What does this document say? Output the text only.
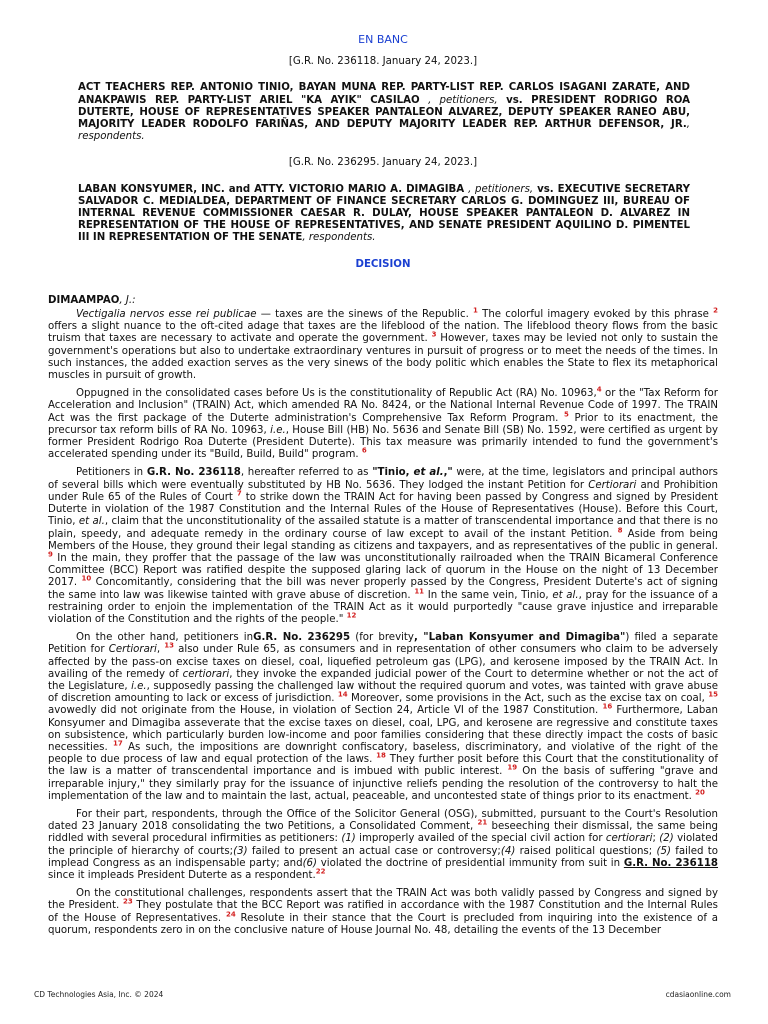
EN BANC
[G.R. No. 236118. January 24, 2023.]
ACT TEACHERS REP. ANTONIO TINIO, BAYAN MUNA REP. PARTY-LIST REP. CARLOS ISAGANI ZARATE, AND ANAKPAWIS REP. PARTY-LIST ARIEL "KA AYIK" CASILAO , petitioners, vs. PRESIDENT RODRIGO ROA DUTERTE, HOUSE OF REPRESENTATIVES SPEAKER PANTALEON ALVAREZ, DEPUTY SPEAKER RANEO ABU, MAJORITY LEADER RODOLFO FARIÑAS, AND DEPUTY MAJORITY LEADER REP. ARTHUR DEFENSOR, JR., respondents.
[G.R. No. 236295. January 24, 2023.]
LABAN KONSYUMER, INC. and ATTY. VICTORIO MARIO A. DIMAGIBA , petitioners, vs. EXECUTIVE SECRETARY SALVADOR C. MEDIALDEA, DEPARTMENT OF FINANCE SECRETARY CARLOS G. DOMINGUEZ III, BUREAU OF INTERNAL REVENUE COMMISSIONER CAESAR R. DULAY, HOUSE SPEAKER PANTALEON D. ALVAREZ IN REPRESENTATION OF THE HOUSE OF REPRESENTATIVES, AND SENATE PRESIDENT AQUILINO D. PIMENTEL III IN REPRESENTATION OF THE SENATE, respondents.
DECISION
DIMAAMPAO, J.:

Vectigalia nervos esse rei publicae — taxes are the sinews of the Republic. $^1$ The colorful imagery evoked by this phrase $^2$ offers a slight nuance to the oft-cited adage that taxes are the lifeblood of the nation. The lifeblood theory flows from the basic truism that taxes are necessary to activate and operate the government. $^3$ However, taxes may be levied not only to sustain the government's operations but also to undertake extraordinary ventures in pursuit of progress or to meet the needs of the times. In such instances, the added exaction serves as the very sinews of the body politic which enables the State to flex its metaphorical muscles in pursuit of growth.

Oppugned in the consolidated cases before Us is the constitutionality of Republic Act (RA) No. 10963,$^4$ or the "Tax Reform for Acceleration and Inclusion" (TRAIN) Act, which amended RA No. 8424, or the National Internal Revenue Code of 1997. The TRAIN Act was the first package of the Duterte administration's Comprehensive Tax Reform Program. $^5$ Prior to its enactment, the precursor tax reform bills of RA No. 10963, i.e., House Bill (HB) No. 5636 and Senate Bill (SB) No. 1592, were certified as urgent by former President Rodrigo Roa Duterte (President Duterte). This tax measure was primarily intended to fund the government's accelerated spending under its "Build, Build, Build" program. $^6$

Petitioners in G.R. No. 236118, hereafter referred to as "Tinio, et al.," were, at the time, legislators and principal authors of several bills which were eventually substituted by HB No. 5636. They lodged the instant Petition for Certiorari and Prohibition under Rule 65 of the Rules of Court $^7$ to strike down the TRAIN Act for having been passed by Congress and signed by President Duterte in violation of the 1987 Constitution and the Internal Rules of the House of Representatives (House). Before this Court, Tinio, et al., claim that the unconstitutionality of the assailed statute is a matter of transcendental importance and that there is no plain, speedy, and adequate remedy in the ordinary course of law except to avail of the instant Petition. $^8$ Aside from being Members of the House, they ground their legal standing as citizens and taxpayers, and as representatives of the public in general. $^9$ In the main, they proffer that the passage of the law was unconstitutionally railroaded when the TRAIN Bicameral Conference Committee (BCC) Report was ratified despite the supposed glaring lack of quorum in the House on the night of 13 December 2017. $^{10}$ Concomitantly, considering that the bill was never properly passed by the Congress, President Duterte's act of signing the same into law was likewise tainted with grave abuse of discretion. $^{11}$ In the same vein, Tinio, et al., pray for the issuance of a restraining order to enjoin the implementation of the TRAIN Act as it would purportedly "cause grave injustice and irreparable violation of the Constitution and the rights of the people." $^{12}$

On the other hand, petitioners inG.R. No. 236295 (for brevity, "Laban Konsyumer and Dimagiba") filed a separate Petition for Certiorari, $^{13}$ also under Rule 65, as consumers and in representation of other consumers who claim to be adversely affected by the pass-on excise taxes on diesel, coal, liquefied petroleum gas (LPG), and kerosene imposed by the TRAIN Act. In availing of the remedy of certiorari, they invoke the expanded judicial power of the Court to determine whether or not the act of the Legislature, i.e., supposedly passing the challenged law without the required quorum and votes, was tainted with grave abuse of discretion amounting to lack or excess of jurisdiction. $^{14}$ Moreover, some provisions in the Act, such as the excise tax on coal, $^{15}$ avowedly did not originate from the House, in violation of Section 24, Article VI of the 1987 Constitution. $^{16}$ Furthermore, Laban Konsyumer and Dimagiba asseverate that the excise taxes on diesel, coal, LPG, and kerosene are regressive and constitute taxes on subsistence, which particularly burden low-income and poor families considering that these directly impact the costs of basic necessities. $^{17}$ As such, the impositions are downright confiscatory, baseless, discriminatory, and violative of the right of the people to due process of law and equal protection of the laws. $^{18}$ They further posit before this Court that the constitutionality of the law is a matter of transcendental importance and is imbued with public interest. $^{19}$ On the basis of suffering "grave and irreparable injury," they similarly pray for the issuance of injunctive reliefs pending the resolution of the controversy to halt the implementation of the law and to maintain the last, actual, peaceable, and uncontested state of things prior to its enactment. $^{20}$

For their part, respondents, through the Office of the Solicitor General (OSG), submitted, pursuant to the Court's Resolution dated 23 January 2018 consolidating the two Petitions, a Consolidated Comment, $^{21}$ beseeching their dismissal, the same being riddled with several procedural infirmities as petitioners: (1) improperly availed of the special civil action for certiorari; (2) violated the principle of hierarchy of courts;(3) failed to present an actual case or controversy;(4) raised political questions; (5) failed to implead Congress as an indispensable party; and(6) violated the doctrine of presidential immunity from suit in G.R. No. 236118 since it impleads President Duterte as a respondent.$^{22}$

On the constitutional challenges, respondents assert that the TRAIN Act was both validly passed by Congress and signed by the President. $^{23}$ They postulate that the BCC Report was ratified in accordance with the 1987 Constitution and the Internal Rules of the House of Representatives. $^{24}$ Resolute in their stance that the Court is precluded from inquiring into the existence of a quorum, respondents zero in on the conclusive nature of House Journal No. 48, detailing the events of the 13 December

CD Technologies Asia, Inc. © 2024	cdasiaonline.com
